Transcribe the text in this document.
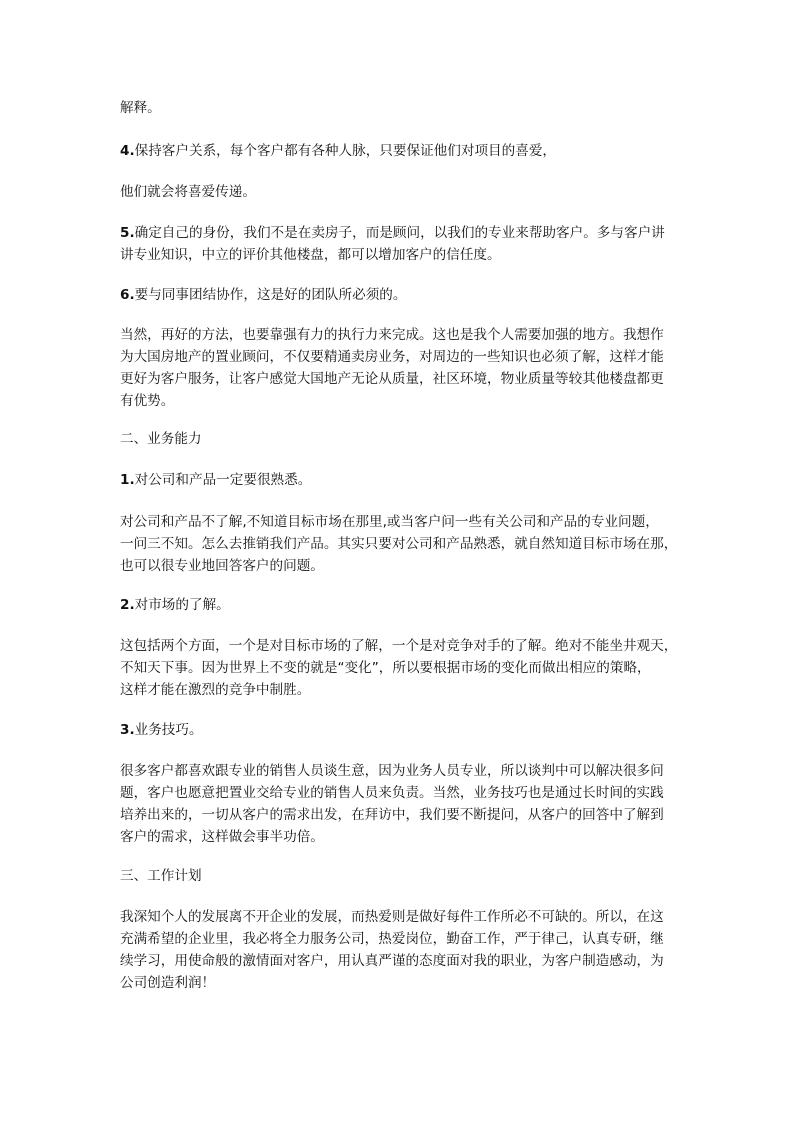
解释。
4.保持客户关系，每个客户都有各种人脉，只要保证他们对项目的喜爱，
他们就会将喜爱传递。
5.确定自己的身份，我们不是在卖房子，而是顾问，以我们的专业来帮助客户。多与客户讲
讲专业知识，中立的评价其他楼盘，都可以增加客户的信任度。
6.要与同事团结协作，这是好的团队所必须的。
当然，再好的方法，也要靠强有力的执行力来完成。这也是我个人需要加强的地方。我想作
为大国房地产的置业顾问，不仅要精通卖房业务，对周边的一些知识也必须了解，这样才能
更好为客户服务，让客户感觉大国地产无论从质量，社区环境，物业质量等较其他楼盘都更
有优势。
二、业务能力
1.对公司和产品一定要很熟悉。
对公司和产品不了解,不知道目标市场在那里,或当客户问一些有关公司和产品的专业问题，
一问三不知。怎么去推销我们产品。其实只要对公司和产品熟悉，就自然知道目标市场在那，
也可以很专业地回答客户的问题。
2.对市场的了解。
这包括两个方面，一个是对目标市场的了解，一个是对竞争对手的了解。绝对不能坐井观天，
不知天下事。因为世界上不变的就是“变化”，所以要根据市场的变化而做出相应的策略，
这样才能在激烈的竞争中制胜。
3.业务技巧。
很多客户都喜欢跟专业的销售人员谈生意，因为业务人员专业，所以谈判中可以解决很多问
题，客户也愿意把置业交给专业的销售人员来负责。当然，业务技巧也是通过长时间的实践
培养出来的，一切从客户的需求出发，在拜访中，我们要不断提问，从客户的回答中了解到
客户的需求，这样做会事半功倍。
三、工作计划
我深知个人的发展离不开企业的发展，而热爱则是做好每件工作所必不可缺的。所以，在这
充满希望的企业里，我必将全力服务公司，热爱岗位，勤奋工作，严于律己，认真专研，继
续学习，用使命般的激情面对客户，用认真严谨的态度面对我的职业，为客户制造感动，为
公司创造利润！
